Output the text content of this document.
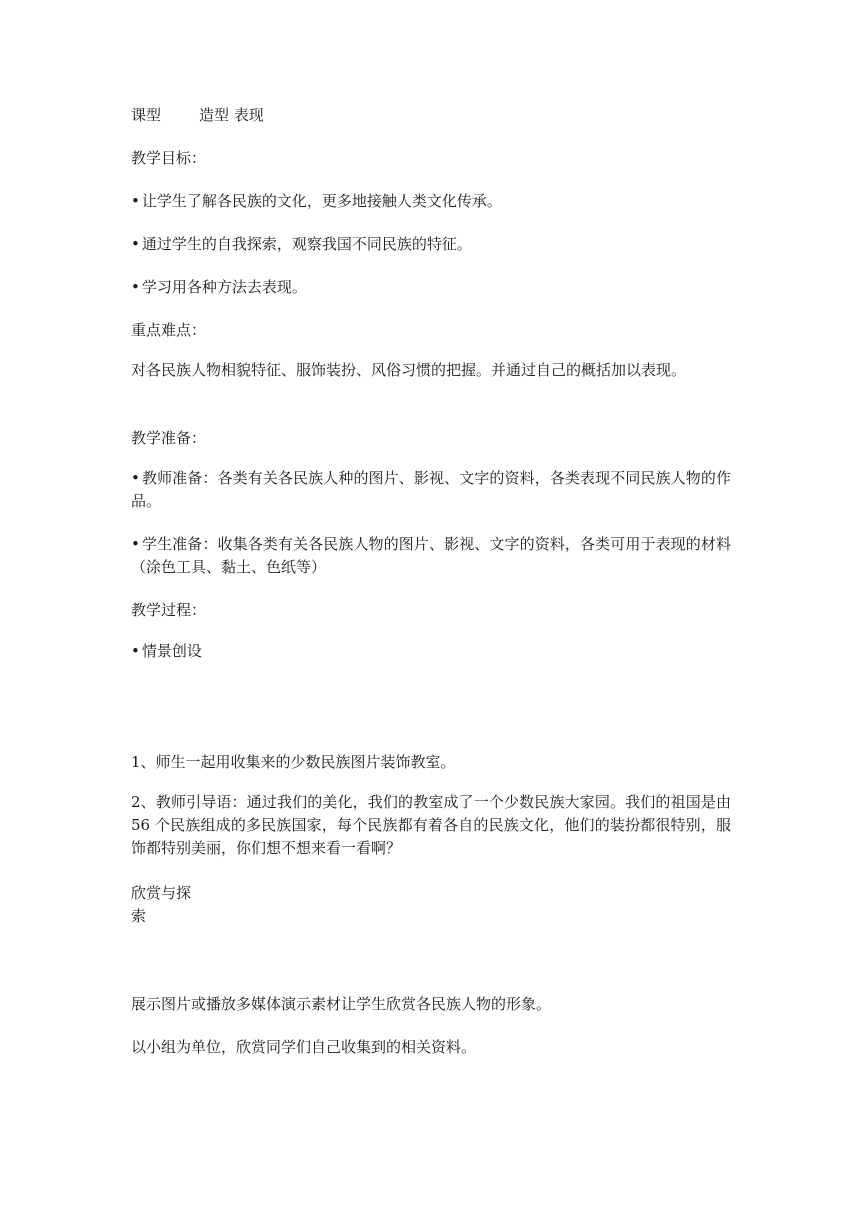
课型	造型 表现
教学目标：
• 让学生了解各民族的文化，更多地接触人类文化传承。
• 通过学生的自我探索，观察我国不同民族的特征。
• 学习用各种方法去表现。
重点难点：
对各民族人物相貌特征、服饰装扮、风俗习惯的把握。并通过自己的概括加以表现。
教学准备：
• 教师准备：各类有关各民族人种的图片、影视、文字的资料，各类表现不同民族人物的作品。
• 学生准备：收集各类有关各民族人物的图片、影视、文字的资料，各类可用于表现的材料（涂色工具、黏土、色纸等）
教学过程：
• 情景创设
1、师生一起用收集来的少数民族图片装饰教室。
2、教师引导语：通过我们的美化，我们的教室成了一个少数民族大家园。我们的祖国是由 56 个民族组成的多民族国家，每个民族都有着各自的民族文化，他们的装扮都很特别，服饰都特别美丽，你们想不想来看一看啊？
欣赏与探索
展示图片或播放多媒体演示素材让学生欣赏各民族人物的形象。
以小组为单位，欣赏同学们自己收集到的相关资料。
